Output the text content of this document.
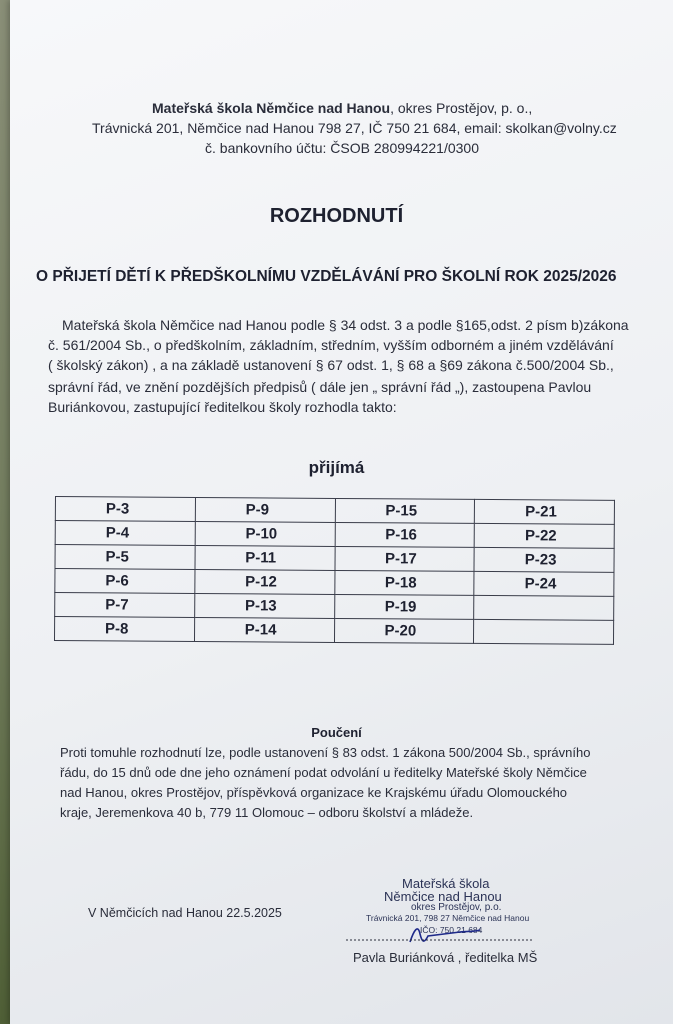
Mateřská škola Němčice nad Hanou, okres Prostějov, p. o.,
Trávnická 201, Němčice nad Hanou 798 27, IČ 750 21 684, email: skolkan@volny.cz
č. bankovního účtu: ČSOB 280994221/0300
ROZHODNUTÍ
O PŘIJETÍ DĚTÍ K PŘEDŠKOLNÍMU VZDĚLÁVÁNÍ PRO ŠKOLNÍ ROK 2025/2026
Mateřská škola Němčice nad Hanou podle § 34 odst. 3 a podle §165,odst. 2 písm b)zákona
č. 561/2004 Sb., o předškolním, základním, středním, vyšším odborném a jiném vzdělávání
( školský zákon) , a na základě ustanovení § 67 odst. 1, § 68 a §69 zákona č.500/2004 Sb.,
správní řád, ve znění pozdějších předpisů ( dále jen „ správní řád „), zastoupena Pavlou
Buriánkovou, zastupující ředitelkou školy rozhodla takto:
přijímá
P-3	P-9	P-15	P-21
P-4	P-10	P-16	P-22
P-5	P-11	P-17	P-23
P-6	P-12	P-18	P-24
P-7	P-13	P-19	
P-8	P-14	P-20	
Poučení
Proti tomuhle rozhodnutí lze, podle ustanovení § 83 odst. 1 zákona 500/2004 Sb., správního
řádu, do 15 dnů ode dne jeho oznámení podat odvolání u ředitelky Mateřské školy Němčice
nad Hanou, okres Prostějov, příspěvková organizace ke Krajskému úřadu Olomouckého
kraje, Jeremenkova 40 b, 779 11 Olomouc – odboru školství a mládeže.
V Němčicích nad Hanou 22.5.2025
Mateřská škola
Němčice nad Hanou
okres Prostějov, p.o.
Trávnická 201, 798 27 Němčice nad Hanou
IČO: 750 21 684
Pavla Buriánková , ředitelka MŠ
